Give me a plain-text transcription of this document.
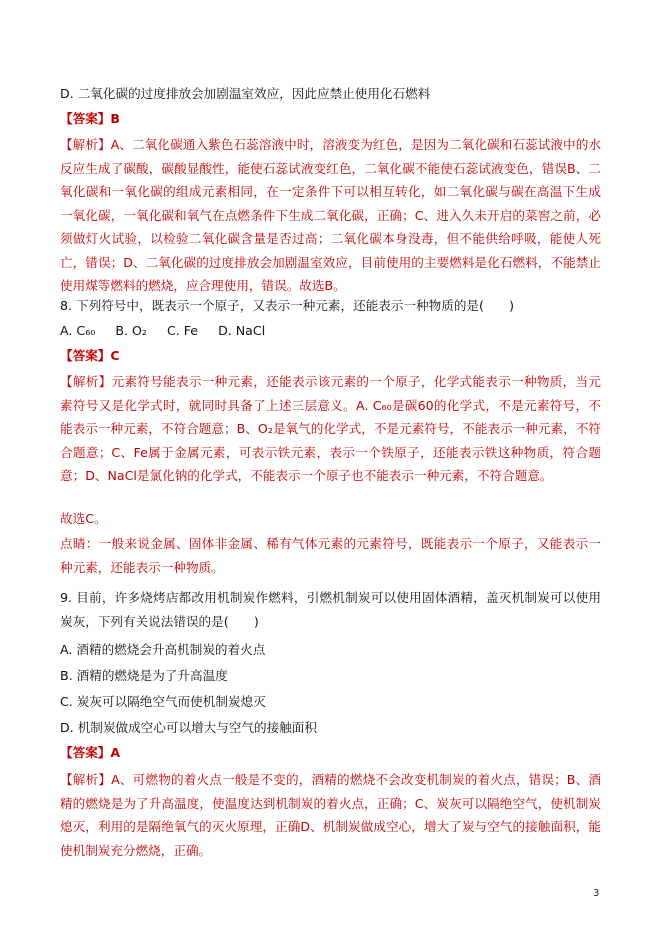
D. 二氧化碳的过度排放会加剧温室效应，因此应禁止使用化石燃料
【答案】B
【解析】A、二氧化碳通入紫色石蕊溶液中时，溶液变为红色，是因为二氧化碳和石蕊试液中的水反应生成了碳酸，碳酸显酸性，能使石蕊试液变红色，二氧化碳不能使石蕊试液变色，错误B、二氧化碳和一氧化碳的组成元素相同，在一定条件下可以相互转化，如二氧化碳与碳在高温下生成一氧化碳，一氧化碳和氧气在点燃条件下生成二氧化碳，正确；C、进入久未开启的菜窖之前，必须做灯火试验，以检验二氧化碳含量是否过高；二氧化碳本身没毒，但不能供给呼吸，能使人死亡，错误；D、二氧化碳的过度排放会加剧温室效应，目前使用的主要燃料是化石燃料，不能禁止使用煤等燃料的燃烧，应合理使用，错误。故选B。
8. 下列符号中，既表示一个原子，又表示一种元素，还能表示一种物质的是(　　)
A. C₆₀ B. O₂ C. Fe D. NaCl
【答案】C
【解析】元素符号能表示一种元素，还能表示该元素的一个原子，化学式能表示一种物质，当元素符号又是化学式时，就同时具备了上述三层意义。A. C₆₀是碳60的化学式，不是元素符号，不能表示一种元素，不符合题意；B、O₂是氧气的化学式，不是元素符号，不能表示一种元素，不符合题意；C、Fe属于金属元素，可表示铁元素，表示一个铁原子，还能表示铁这种物质，符合题意；D、NaCl是氯化钠的化学式，不能表示一个原子也不能表示一种元素，不符合题意。
故选C。
点睛：一般来说金属、固体非金属、稀有气体元素的元素符号，既能表示一个原子，又能表示一种元素，还能表示一种物质。
9. 目前，许多烧烤店都改用机制炭作燃料，引燃机制炭可以使用固体酒精，盖灭机制炭可以使用炭灰，下列有关说法错误的是(　　)
A. 酒精的燃烧会升高机制炭的着火点
B. 酒精的燃烧是为了升高温度
C. 炭灰可以隔绝空气而使机制炭熄灭
D. 机制炭做成空心可以增大与空气的接触面积
【答案】A
【解析】A、可燃物的着火点一般是不变的，酒精的燃烧不会改变机制炭的着火点，错误；B、酒精的燃烧是为了升高温度，使温度达到机制炭的着火点，正确；C、炭灰可以隔绝空气，使机制炭熄灭，利用的是隔绝氧气的灭火原理，正确D、机制炭做成空心，增大了炭与空气的接触面积，能使机制炭充分燃烧，正确。
3
